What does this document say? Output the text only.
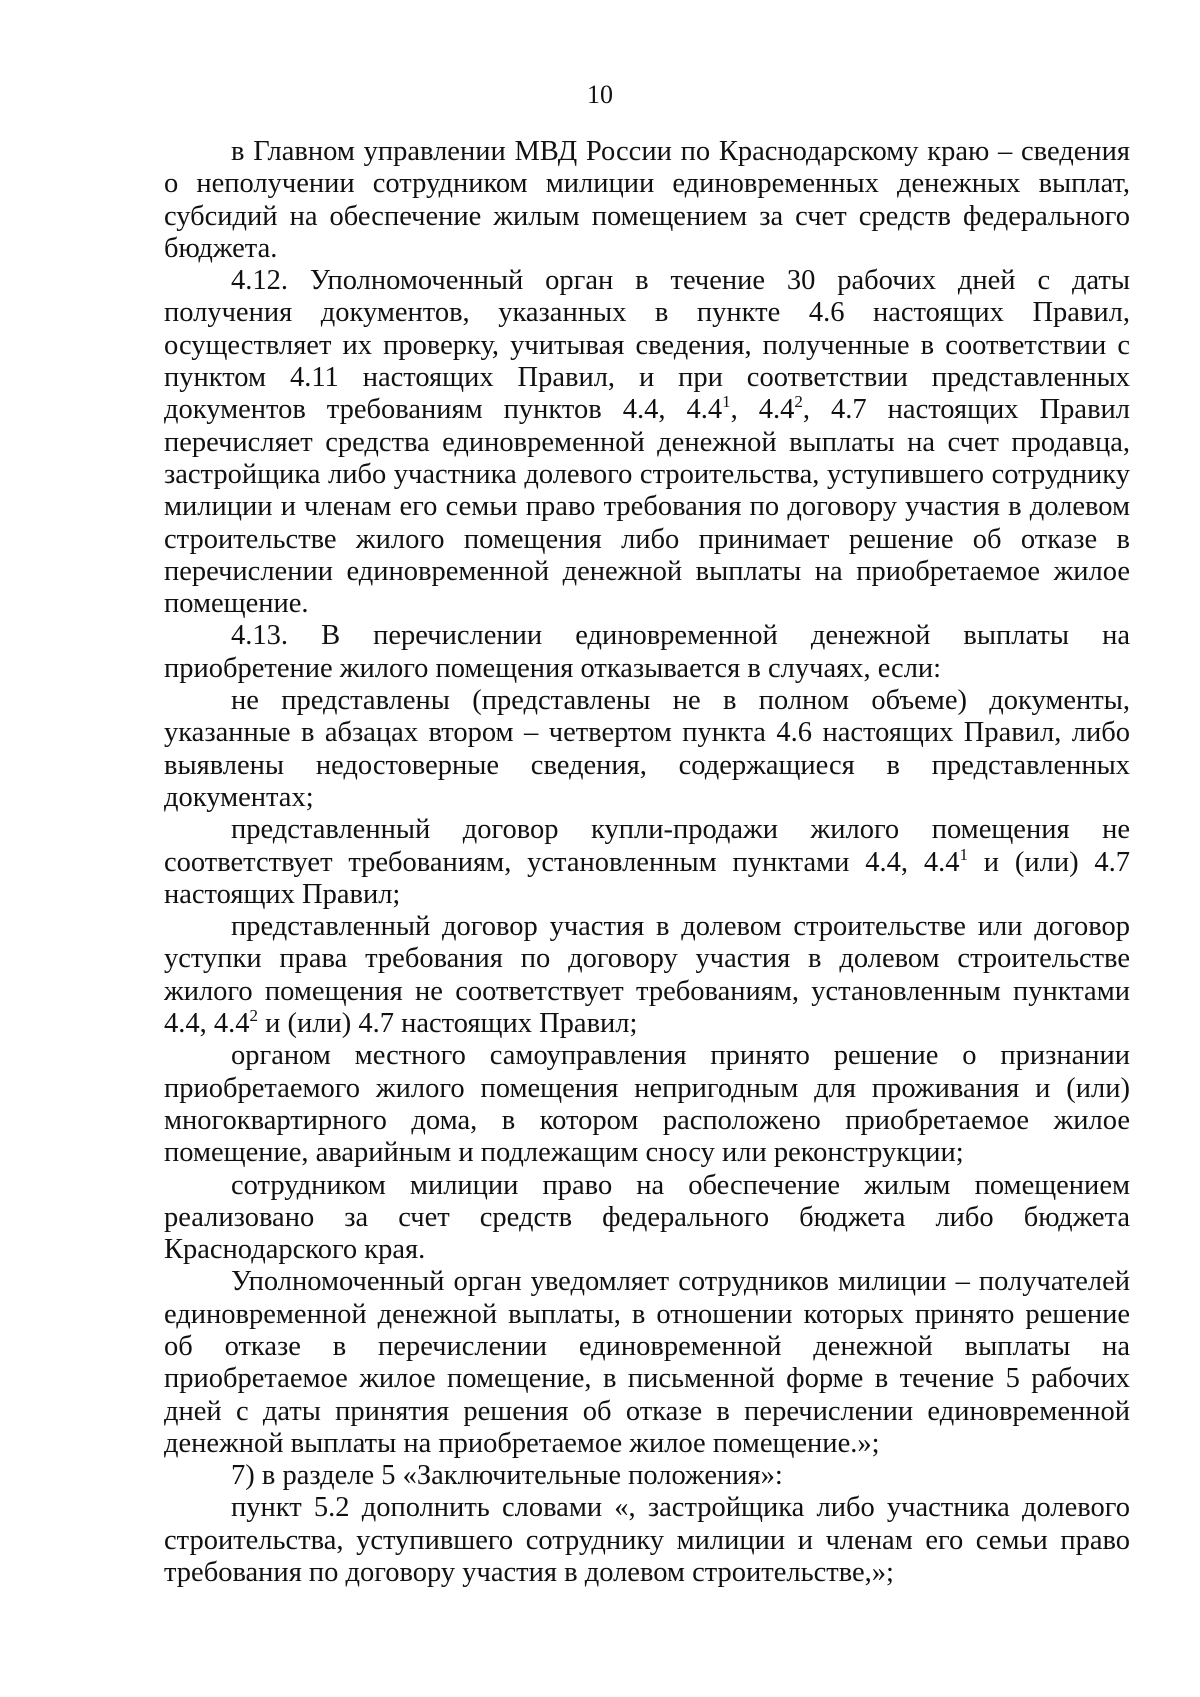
10

в Главном управлении МВД России по Краснодарскому краю – сведения о неполучении сотрудником милиции единовременных денежных выплат, субсидий на обеспечение жилым помещением за счет средств федерального бюджета.

4.12. Уполномоченный орган в течение 30 рабочих дней с даты получения документов, указанных в пункте 4.6 настоящих Правил, осуществляет их проверку, учитывая сведения, полученные в соответствии с пунктом 4.11 настоящих Правил, и при соответствии представленных документов требованиям пунктов 4.4, $4.4^1$, $4.4^2$, 4.7 настоящих Правил перечисляет средства единовременной денежной выплаты на счет продавца, застройщика либо участника долевого строительства, уступившего сотруднику милиции и членам его семьи право требования по договору участия в долевом строительстве жилого помещения либо принимает решение об отказе в перечислении единовременной денежной выплаты на приобретаемое жилое помещение.

4.13. В перечислении единовременной денежной выплаты на приобретение жилого помещения отказывается в случаях, если:

не представлены (представлены не в полном объеме) документы, указанные в абзацах втором – четвертом пункта 4.6 настоящих Правил, либо выявлены недостоверные сведения, содержащиеся в представленных документах;

представленный договор купли-продажи жилого помещения не соответствует требованиям, установленным пунктами 4.4, $4.4^1$ и (или) 4.7 настоящих Правил;

представленный договор участия в долевом строительстве или договор уступки права требования по договору участия в долевом строительстве жилого помещения не соответствует требованиям, установленным пунктами 4.4, $4.4^2$ и (или) 4.7 настоящих Правил;

органом местного самоуправления принято решение о признании приобретаемого жилого помещения непригодным для проживания и (или) многоквартирного дома, в котором расположено приобретаемое жилое помещение, аварийным и подлежащим сносу или реконструкции;

сотрудником милиции право на обеспечение жилым помещением реализовано за счет средств федерального бюджета либо бюджета Краснодарского края.

Уполномоченный орган уведомляет сотрудников милиции – получателей единовременной денежной выплаты, в отношении которых принято решение об отказе в перечислении единовременной денежной выплаты на приобретаемое жилое помещение, в письменной форме в течение 5 рабочих дней с даты принятия решения об отказе в перечислении единовременной денежной выплаты на приобретаемое жилое помещение.»;

7) в разделе 5 «Заключительные положения»:

пункт 5.2 дополнить словами «, застройщика либо участника долевого строительства, уступившего сотруднику милиции и членам его семьи право требования по договору участия в долевом строительстве,»;
